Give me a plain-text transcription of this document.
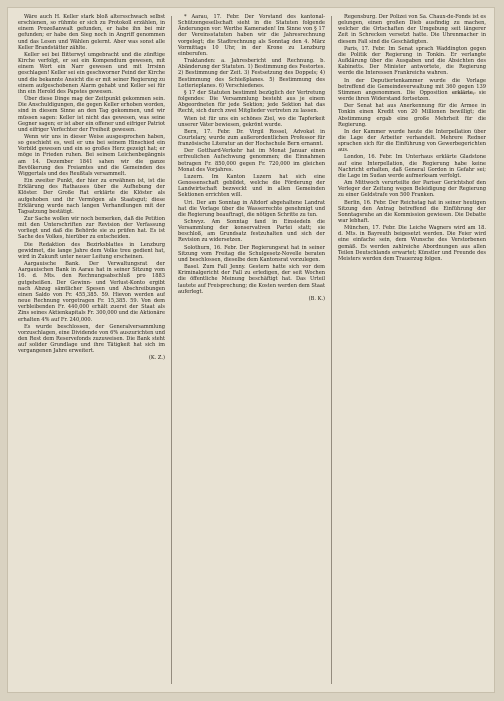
Wäre auch H. Keller stark bloß altersschwach selbst erschienen, so rühmte er sich zu Protokoll erzählen, in einem Prozeßanwalt gefunden, er habe ihn bei mir gefunden; er habe den Sieg noch in Angriff genommen und das Lesen und Wählen gelernt. Aber was sonst alle Keller Brandstätter zählte.

Keller sei bei Bitterwyl umgebracht und die zünftige Kirche verfolgt, er sei ein Kompendium gewesen, mit einem Wort ein Narr gewesen und mit Irrsinn geschlagen! Keller sei ein geschworner Feind der Kirche und die bekannte Ansicht die er mit seiner Regierung zu einem aufgeschobenen Alarm gehabt und Keller sei für ihn ein Herold des Papstes gewesen.

Über diese Dinge mag der Zeitpunkt gekommen sein. Die Anschuldigungen, die gegen Keller erhoben worden, sind in diesem Sinne an den Tag gekommen, und wir müssen sagen: Keller ist nicht das gewesen, was seine Gegner sagen; er ist aber ein offener und eifriger Patriot und eifriger Verfechter der Freiheit gewesen.

Wenn wir uns in dieser Weise ausgesprochen haben, so geschieht es, weil er uns bei seinem Hinschied ein Vorbild gewesen und ein so großes Herz gezeigt hat; er möge in Frieden ruhen. Bei seinem Leichenbegängnis am 14. Dezember 1841 sahen wir die ganze Bevölkerung des Freiamtes und die Gemeinden des Wiggertals und des Reußtals versammelt.

Ein zweiter Punkt, der hier zu erwähnen ist, ist die Erklärung des Rathauses über die Aufhebung der Klöster. Der Große Rat erklärte die Klöster als aufgehoben und ihr Vermögen als Staatsgut; diese Erklärung wurde nach langen Verhandlungen mit der Tagsatzung bestätigt.

Zur Sache wollen wir noch bemerken, daß die Petition mit den Unterschriften zur Revision der Verfassung vorliegt und daß die Behörde sie zu prüfen hat. Es ist Sache des Volkes, hierüber zu entscheiden.

Die Redaktion des Bezirksblattes in Lenzburg gewidmet, die lange Jahre dem Volke treu gedient hat, wird in Zukunft unter neuer Leitung erscheinen.

Aargauische Bank. Der Verwaltungsrat der Aargauischen Bank in Aarau hat in seiner Sitzung vom 16. d. Mts. den Rechnungsabschluß pro 1883 gutgeheißen. Der Gewinn- und Verlust-Konto ergibt nach Abzug sämtlicher Spesen und Abschreibungen einen Saldo von Fr. 455,385. 59. Hievon werden auf neue Rechnung vorgetragen Fr. 15,385. 59. Von dem verbleibenden Fr. 440,000 erhält zuerst der Staat als Zins seines Aktienkapitals Fr. 300,000 und die Aktionäre erhalten 4% auf Fr. 240,000.

Es wurde beschlossen, der Generalversammlung vorzuschlagen, eine Dividende von 6% auszurichten und den Rest dem Reservefonds zuzuweisen. Die Bank steht auf solider Grundlage und ihre Tätigkeit hat sich im vergangenen Jahre erweitert.

(K. Z.)

* Aarau, 17. Febr. Der Vorstand des kantonal-Schützengesellschaft sieht in die Statuten folgende Änderungen vor: Werthe Kameraden! Im Sinne von § 17 der Vereinsstatuten haben wir die Jahresrechnung vorgelegt; die Stadtrechnung als Sonntag den 4. März Vormittags 10 Uhr, in der Krone zu Lenzburg einberufen.

Traktanden: a. Jahresbericht und Rechnung. b. Abänderung der Statuten. 1) Bestimmung des Festortes. 2) Bestimmung der Zeit. 3) Festsetzung des Doppels; 4) Bestimmung des Schießplanes. 5) Bestimmung des Lotterieplanes. 6) Verschiedenes.

§ 17 der Statuten bestimmt bezüglich der Vertretung folgendes: Die Versammlung besteht aus je einem Abgeordneten für jede Sektion; jede Sektion hat das Recht, sich durch zwei Mitglieder vertreten zu lassen.

Wien ist für uns ein schönes Ziel, wo die Tapferkeit unserer Väter bewiesen, gekrönt wurde.

Bern, 17. Febr. Dr. Virgil Rossel, Advokat in Courtelary, wurde zum außerordentlichen Professor für französische Literatur an der Hochschule Bern ernannt.

Der Gotthard-Verkehr hat im Monat Januar einen erfreulichen Aufschwung genommen; die Einnahmen betragen Fr. 850,000 gegen Fr. 720,000 im gleichen Monat des Vorjahres.

Luzern. Im Kanton Luzern hat sich eine Genossenschaft gebildet, welche die Förderung der Landwirtschaft bezweckt und in allen Gemeinden Sektionen errichten will.

Uri. Der am Sonntag in Altdorf abgehaltene Landrat hat die Vorlage über die Wasserrechte genehmigt und die Regierung beauftragt, die nötigen Schritte zu tun.

Schwyz. Am Sonntag fand in Einsiedeln die Versammlung der konservativen Partei statt; sie beschloß, am Grundsatz festzuhalten und sich der Revision zu widersetzen.

Solothurn, 16. Febr. Der Regierungsrat hat in seiner Sitzung vom Freitag die Schulgesetz-Novelle beraten und beschlossen, dieselbe dem Kantonsrat vorzulegen.

Basel. Zum Fall Jenny. Gestern hatte sich vor dem Kriminalgericht der Fall zu erledigen, der seit Wochen die öffentliche Meinung beschäftigt hat. Das Urteil lautete auf Freisprechung; die Kosten werden dem Staat auferlegt.

(B. K.)

Regensburg. Der Polizei von Sa. Chaux-de-Fonds ist es gelungen, einen großen Dieb ausfindig zu machen, welcher die Ortschaften der Umgebung seit längerer Zeit in Schrecken versetzt hatte. Die Uhrenmacher in diesem Fall sind die Geschädigten.

Paris, 17. Febr. Im Senat sprach Waddington gegen die Politik der Regierung in Tonkin. Er verlangte Aufklärung über die Ausgaben und die Absichten des Kabinetts. Der Minister antwortete, die Regierung werde die Interessen Frankreichs wahren.

In der Deputiertenkammer wurde die Vorlage betreffend die Gemeindeverwaltung mit 360 gegen 139 Stimmen angenommen. Die Opposition erklärte, sie werde ihren Widerstand fortsetzen.

Der Senat hat aus Anerkennung für die Armee in Tonkin einen Kredit von 20 Millionen bewilligt; die Abstimmung ergab eine große Mehrheit für die Regierung.

In der Kammer wurde heute die Interpellation über die Lage der Arbeiter verhandelt. Mehrere Redner sprachen sich für die Einführung von Gewerbegerichten aus.

London, 16. Febr. Im Unterhaus erklärte Gladstone auf eine Interpellation, die Regierung habe keine Nachricht erhalten, daß General Gordon in Gefahr sei; die Lage im Sudan werde aufmerksam verfolgt.

Am Mittwoch verurteilte der Pariser Gerichtshof den Verleger der Zeitung wegen Beleidigung der Regierung zu einer Geldstrafe von 500 Franken.

Berlin, 16. Febr. Der Reichstag hat in seiner heutigen Sitzung den Antrag betreffend die Einführung der Sonntagsruhe an die Kommission gewiesen. Die Debatte war lebhaft.

München, 17. Febr. Die Leiche Wagners wird am 18. d. Mts. in Bayreuth beigesetzt werden. Die Feier wird eine einfache sein, dem Wunsche des Verstorbenen gemäß. Es werden zahlreiche Abordnungen aus allen Teilen Deutschlands erwartet; Künstler und Freunde des Meisters werden dem Trauerzug folgen.
